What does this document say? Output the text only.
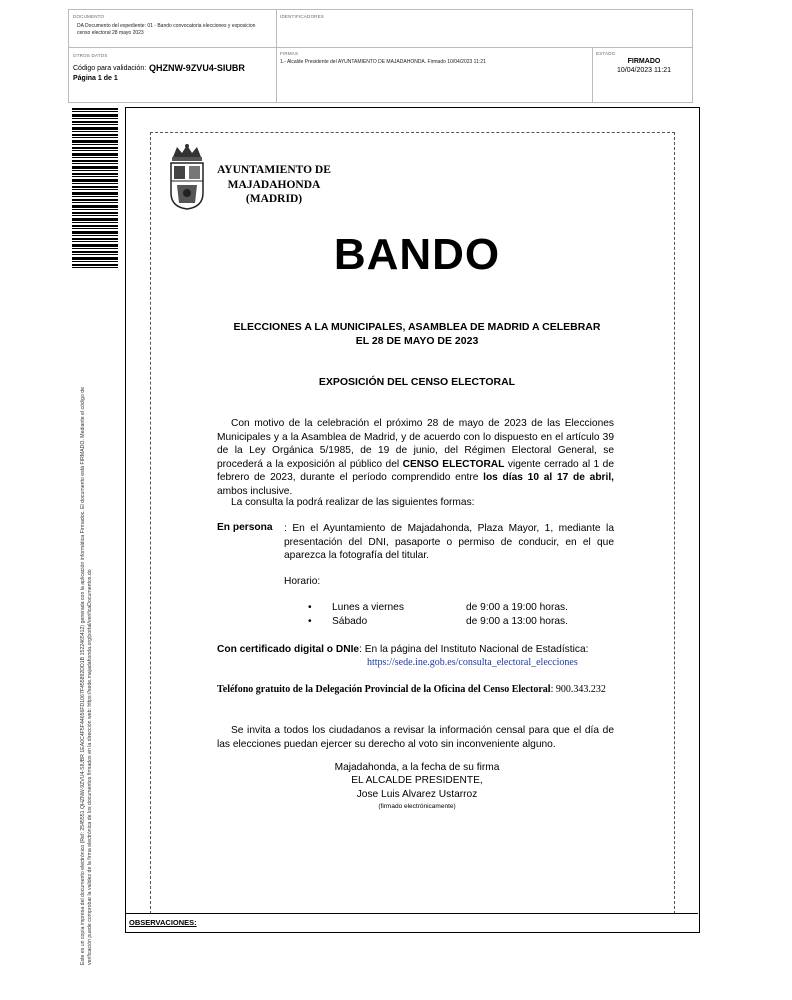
DOCUMENTO
DA Documento del expediente: 01 - Bando convocatoria elecciones y exposicion censo electoral 28 mayo 2023
IDENTIFICADORES
OTROS DATOS
Código para validación: QHZNW-9ZVU4-SIUBR
Página 1 de 1
FIRMAS
1.- Alcalde Presidente del AYUNTAMIENTO DE MAJADAHONDA. Firmado 10/04/2023 11:21
ESTADO
FIRMADO
10/04/2023 11:21
Este es un copia impresa del documento electrónico (Ref: 2545551 QHZNW-9ZVU4-SIUBR 1EA0C4F5F44656FD1067F455892DD1B 1522465412) generada con la aplicación informática Firmadoc. El documento está FIRMADO. Mediante el código de verificación puede comprobar la validez de la firma electrónica de los documentos firmados en la dirección web: https://sede.majadahonda.org/portal/verificaDocumentos.do
AYUNTAMIENTO DE
MAJADAHONDA
(MADRID)
BANDO
ELECCIONES A LA MUNICIPALES, ASAMBLEA DE MADRID A CELEBRAR
EL 28 DE MAYO DE 2023
EXPOSICIÓN DEL CENSO ELECTORAL
Con motivo de la celebración el próximo 28 de mayo de 2023 de las Elecciones Municipales y a la Asamblea de Madrid, y de acuerdo con lo dispuesto en el artículo 39 de la Ley Orgánica 5/1985, de 19 de junio, del Régimen Electoral General, se procederá a la exposición al público del CENSO ELECTORAL vigente cerrado al 1 de febrero de 2023, durante el período comprendido entre los días 10 al 17 de abril, ambos inclusive.
La consulta la podrá realizar de las siguientes formas:
En persona : En el Ayuntamiento de Majadahonda, Plaza Mayor, 1, mediante la presentación del DNI, pasaporte o permiso de conducir, en el que aparezca la fotografía del titular.
Horario:
• Lunes a viernes	de 9:00 a 19:00 horas.
• Sábado	de 9:00 a 13:00 horas.
Con certificado digital o DNIe: En la página del Instituto Nacional de Estadística:
https://sede.ine.gob.es/consulta_electoral_elecciones
Teléfono gratuito de la Delegación Provincial de la Oficina del Censo Electoral: 900.343.232
Se invita a todos los ciudadanos a revisar la información censal para que el día de las elecciones puedan ejercer su derecho al voto sin inconveniente alguno.
Majadahonda, a la fecha de su firma
EL ALCALDE PRESIDENTE,
Jose Luis Alvarez Ustarroz
(firmado electrónicamente)
OBSERVACIONES:
